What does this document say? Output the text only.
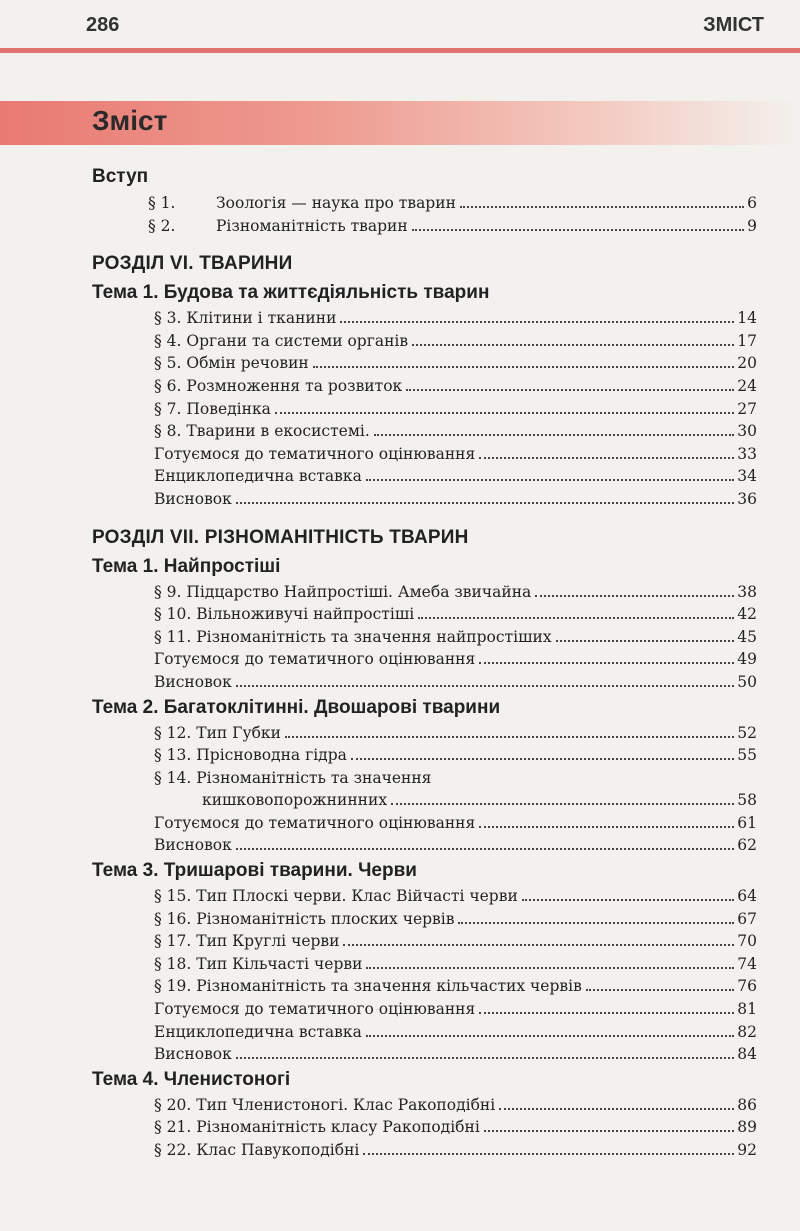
286	ЗМІСТ
Зміст
Вступ
§ 1.	Зоологія — наука про тварин	6
§ 2.	Різноманітність тварин	9
РОЗДІЛ VI. ТВАРИНИ
Тема 1. Будова та життєдіяльність тварин
§ 3. Клітини і тканини	14
§ 4. Органи та системи органів	17
§ 5. Обмін речовин	20
§ 6. Розмноження та розвиток	24
§ 7. Поведінка	27
§ 8. Тварини в екосистемі.	30
Готуємося до тематичного оцінювання	33
Енциклопедична вставка	34
Висновок	36
РОЗДІЛ VII. РІЗНОМАНІТНІСТЬ ТВАРИН
Тема 1. Найпростіші
§ 9. Підцарство Найпростіші. Амеба звичайна	38
§ 10. Вільноживучі найпростіші	42
§ 11. Різноманітність та значення найпростіших	45
Готуємося до тематичного оцінювання	49
Висновок	50
Тема 2. Багатоклітинні. Двошарові тварини
§ 12. Тип Губки	52
§ 13. Прісноводна гідра	55
§ 14. Різноманітність та значення
кишковопорожнинних	58
Готуємося до тематичного оцінювання	61
Висновок	62
Тема 3. Тришарові тварини. Черви
§ 15. Тип Плоскі черви. Клас Війчасті черви	64
§ 16. Різноманітність плоских червів	67
§ 17. Тип Круглі черви	70
§ 18. Тип Кільчасті черви	74
§ 19. Різноманітність та значення кільчастих червів	76
Готуємося до тематичного оцінювання	81
Енциклопедична вставка	82
Висновок	84
Тема 4. Членистоногі
§ 20. Тип Членистоногі. Клас Ракоподібні	86
§ 21. Різноманітність класу Ракоподібні	89
§ 22. Клас Павукоподібні	92
